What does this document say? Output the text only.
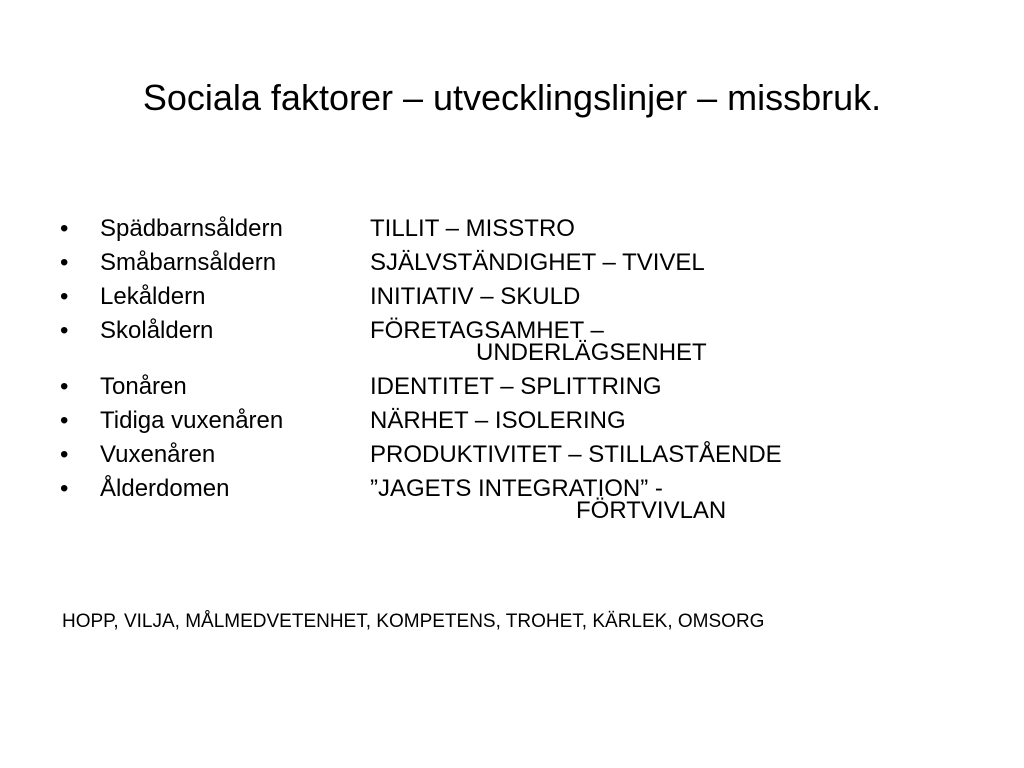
Sociala faktorer – utvecklingslinjer – missbruk.
• Spädbarnsåldern	TILLIT – MISSTRO
• Småbarnsåldern	SJÄLVSTÄNDIGHET – TVIVEL
• Lekåldern	INITIATIV – SKULD
• Skolåldern	FÖRETAGSAMHET –
UNDERLÄGSENHET
• Tonåren	IDENTITET – SPLITTRING
• Tidiga vuxenåren	NÄRHET – ISOLERING
• Vuxenåren	PRODUKTIVITET – STILLASTÅENDE
• Ålderdomen	”JAGETS INTEGRATION” -
FÖRTVIVLAN
HOPP, VILJA, MÅLMEDVETENHET, KOMPETENS, TROHET, KÄRLEK, OMSORG
